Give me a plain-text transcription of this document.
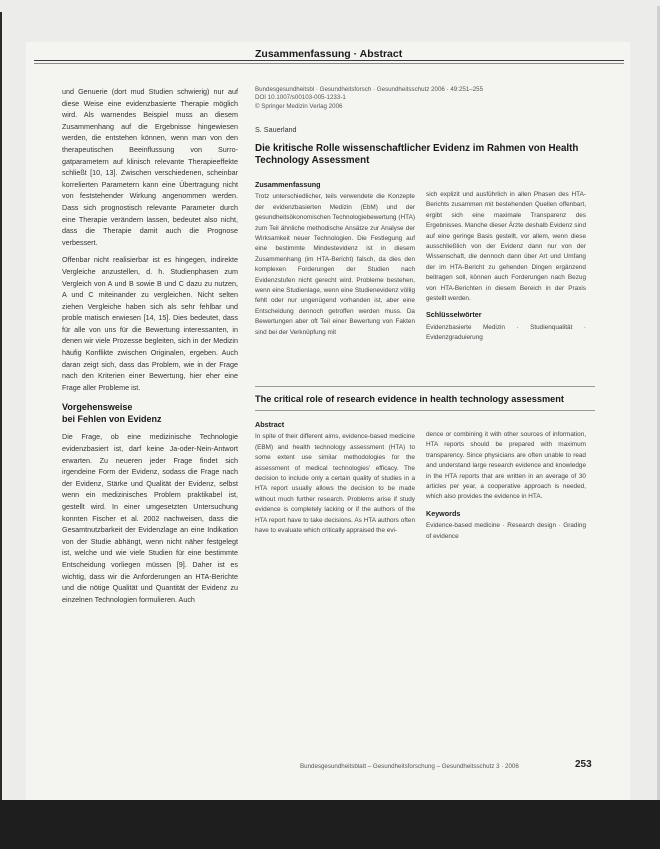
Zusammenfassung · Abstract

und Genuerie (dort mud Studien schwierig) nur auf diese Weise eine evidenzbasierte Therapie möglich wird. Als warnendes Beispiel muss an diesem Zusammenhang auf die Ergebnisse hingewiesen werden, die entstehen können, wenn man von den therapeutischen Beeinflussung von Surrogatparametern auf klinisch relevante Therapieeffekte schließt [10, 13]. Zwischen verschiedenen, scheinbar korrelierten Parametern kann eine Übertragung nicht von feststehender Wirkung angenommen werden. Dass sich prognostisch relevante Parameter durch eine Therapie verändern lassen, bedeutet also nicht, dass die Therapie damit auch die Prognose verbessert.

Offenbar nicht realisierbar ist es hingegen, indirekte Vergleiche anzustellen, d. h. Studienphasen zum Vergleich von A und B sowie B und C dazu zu nutzen, A und C miteinander zu vergleichen. Nicht selten ziehen Vergleiche haben sich als sehr fehlbar und proble matisch erwiesen [14, 15]. Dies bedeutet, dass für alle von uns für die Bewertung interessanten, in denen wir viele Prozesse begleiten, sich in der Medizin häufig Konflikte zwischen Originalen, ergeben. Auch daran zeigt sich, dass das Problem, wie in der Frage nach den Kriterien einer Bewertung, hier eher eine Frage aller Probleme ist.

Vorgehensweise
bei Fehlen von Evidenz

Die Frage, ob eine medizinische Technologie evidenzbasiert ist, darf keine Ja-oder-Nein-Antwort erwarten. Zu neueren jeder Frage findet sich irgendeine Form der Evidenz, sodass die Frage nach der Evidenz, Stärke und Qualität der Evidenz, selbst wenn ein medizinisches Problem praktikabel ist, gestellt wird. In einer umgesetzten Untersuchung konnten Fischer et al. 2002 nachweisen, dass die Gesamtnutzbarkeit der Evidenzlage an eine Indikation von der Studie abhängt, wenn nicht näher festgelegt ist, welche und wie viele Studien für eine bestimmte Entscheidung vorliegen müssen [9]. Daher ist es wichtig, dass wir die Anforderungen an HTA-Berichte und die nötige Qualität und Quantität der Evidenz zu einzelnen Technologien formulieren. Auch

Bundesgesundheitsbl · Gesundheitsforsch · Gesundheitsschutz 2006 · 49:251–255
DOI 10.1007/s00103-005-1233-1
© Springer Medizin Verlag 2006
S. Sauerland
Die kritische Rolle wissenschaftlicher Evidenz im Rahmen von Health Technology Assessment
Zusammenfassung
Trotz unterschiedlicher, teils verwendete die Konzepte der evidenzbasierten Medizin (EbM) und der gesundheitsökonomischen Technologiebewertung (HTA) zum Teil ähnliche methodische Ansätze zur Analyse der Wirksamkeit neuer Technologien. Die Festlegung auf eine bestimmte Mindestevidenz ist in diesem Zusammenhang (im HTA-Bericht) falsch, da dies den komplexen Forderungen der Studien nach Evidenzstufen nicht gerecht wird. Probleme bestehen, wenn eine Studienlage, wenn eine Studienevidenz völlig fehlt oder nur ungenügend vorhanden ist, aber eine Entscheidung dennoch getroffen werden muss. Da Bewertungen aber oft Teil einer Bewertung von Fakten sind bei der Verknüpfung mit
sich explizit und ausführlich in allen Phasen des HTA-Berichts zusammen mit bestehenden Quellen offenbart, ergibt sich eine maximale Transparenz des Ergebnisses. Manche dieser Ärzte deshalb Evidenz sind auf eine geringe Basis gestellt, vor allem, wenn diese ausschließlich von der Evidenz dann nur von der Wissenschaft, die dennoch dann über Art und Umfang der im HTA-Bericht zu gehenden Dingen ergänzend beitragen soll, können auch Forderungen nach Bezug von HTA-Berichten in diesem Bereich in der Praxis gestellt werden.
Schlüsselwörter
Evidenzbasierte Medizin · Studienqualität · Evidenzgraduierung
The critical role of research evidence in health technology assessment
Abstract
In spite of their different aims, evidence-based medicine (EBM) and health technology assessment (HTA) to some extent use similar methodologies for the assessment of medical technologies' efficacy. The decision to include only a certain quality of studies in a HTA report usually allows the decision to be made without much further research. Problems arise if study evidence is completely lacking or if the authors of the HTA report have to take decisions. As HTA authors often have to evaluate which critically appraised the evi-
dence or combining it with other sources of information, HTA reports should be prepared with maximum transparency. Since physicians are often unable to read and understand large research evidence and knowledge in the HTA reports that are written in an average of 30 articles per year, a cooperative approach is needed, which also provides the evidence in HTA.
Keywords
Evidence-based medicine · Research design · Grading of evidence
Bundesgesundheitsblatt – Gesundheitsforschung – Gesundheitsschutz 3 · 2006	253
